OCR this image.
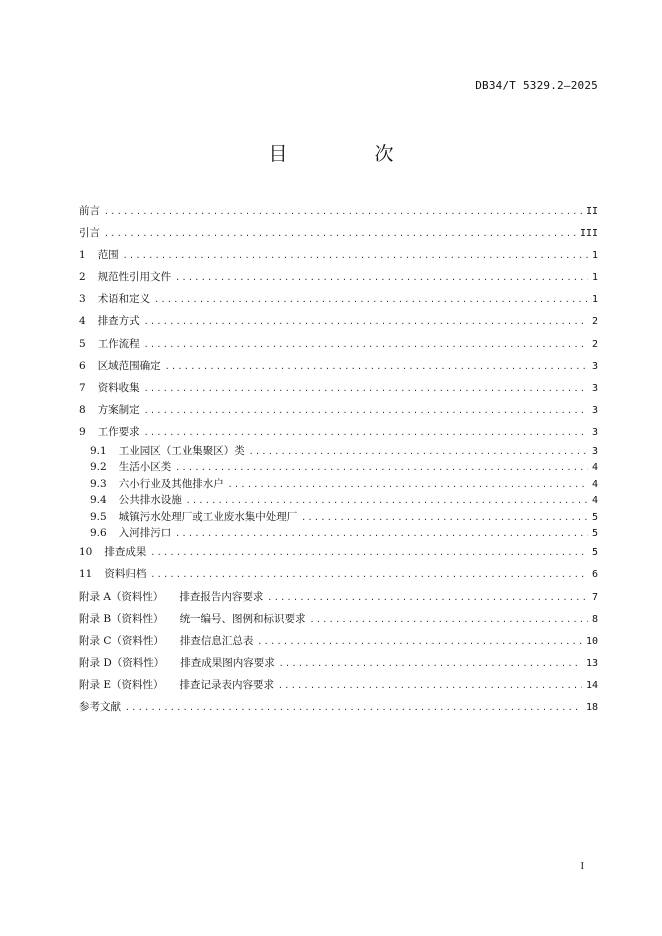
DB34/T 5329.2—2025
目　次
前言 .....	II
引言 .....	III
1 范围 .....	1
2 规范性引用文件 .....	1
3 术语和定义 .....	1
4 排查方式 .....	2
5 工作流程 .....	2
6 区域范围确定 .....	3
7 资料收集 .....	3
8 方案制定 .....	3
9 工作要求 .....	3
9.1 工业园区（工业集聚区）类 .....	3
9.2 生活小区类 .....	4
9.3 六小行业及其他排水户 .....	4
9.4 公共排水设施 .....	4
9.5 城镇污水处理厂或工业废水集中处理厂 .....	5
9.6 入河排污口 .....	5
10 排查成果 .....	5
11 资料归档 .....	6
附录 A（资料性） 排查报告内容要求 .....	7
附录 B（资料性） 统一编号、图例和标识要求 .....	8
附录 C（资料性） 排查信息汇总表 .....	10
附录 D（资料性） 排查成果图内容要求 .....	13
附录 E（资料性） 排查记录表内容要求 .....	14
参考文献 .....	18
I
